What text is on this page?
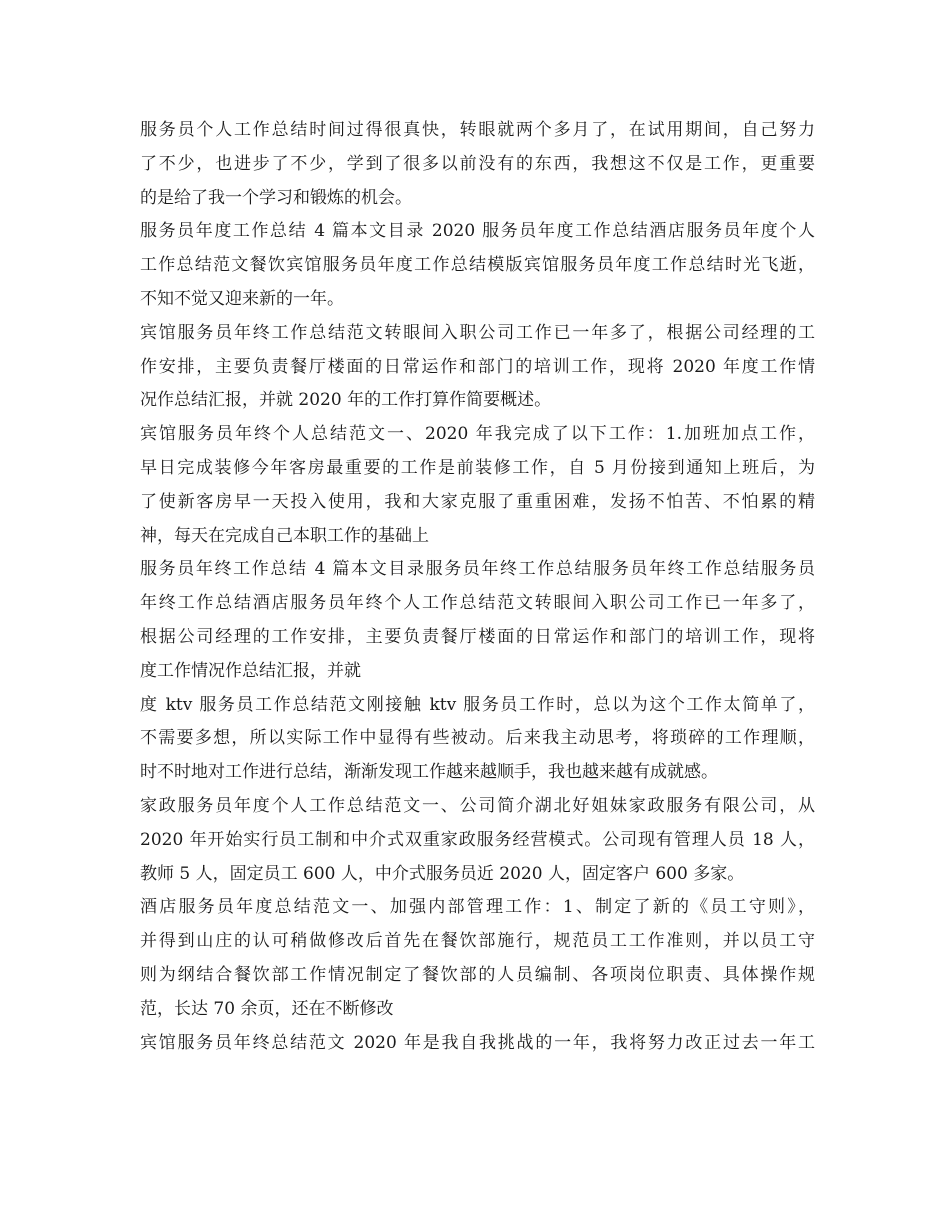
服务员个人工作总结时间过得很真快，转眼就两个多月了，在试用期间，自己努力
了不少，也进步了不少，学到了很多以前没有的东西，我想这不仅是工作，更重要
的是给了我一个学习和锻炼的机会。
服务员年度工作总结 4 篇本文目录 2020 服务员年度工作总结酒店服务员年度个人
工作总结范文餐饮宾馆服务员年度工作总结模版宾馆服务员年度工作总结时光飞逝，
不知不觉又迎来新的一年。
宾馆服务员年终工作总结范文转眼间入职公司工作已一年多了，根据公司经理的工
作安排，主要负责餐厅楼面的日常运作和部门的培训工作，现将 2020 年度工作情
况作总结汇报，并就 2020 年的工作打算作简要概述。
宾馆服务员年终个人总结范文一、2020 年我完成了以下工作：1.加班加点工作，
早日完成装修今年客房最重要的工作是前装修工作，自 5 月份接到通知上班后，为
了使新客房早一天投入使用，我和大家克服了重重困难，发扬不怕苦、不怕累的精
神，每天在完成自己本职工作的基础上
服务员年终工作总结 4 篇本文目录服务员年终工作总结服务员年终工作总结服务员
年终工作总结酒店服务员年终个人工作总结范文转眼间入职公司工作已一年多了，
根据公司经理的工作安排，主要负责餐厅楼面的日常运作和部门的培训工作，现将
度工作情况作总结汇报，并就
度 ktv 服务员工作总结范文刚接触 ktv 服务员工作时，总以为这个工作太简单了，
不需要多想，所以实际工作中显得有些被动。后来我主动思考，将琐碎的工作理顺，
时不时地对工作进行总结，渐渐发现工作越来越顺手，我也越来越有成就感。
家政服务员年度个人工作总结范文一、公司简介湖北好姐妹家政服务有限公司，从
2020 年开始实行员工制和中介式双重家政服务经营模式。公司现有管理人员 18 人，
教师 5 人，固定员工 600 人，中介式服务员近 2020 人，固定客户 600 多家。
酒店服务员年度总结范文一、加强内部管理工作：1、制定了新的《员工守则》，
并得到山庄的认可稍做修改后首先在餐饮部施行，规范员工工作准则，并以员工守
则为纲结合餐饮部工作情况制定了餐饮部的人员编制、各项岗位职责、具体操作规
范，长达 70 余页，还在不断修改
宾馆服务员年终总结范文 2020 年是我自我挑战的一年，我将努力改正过去一年工
